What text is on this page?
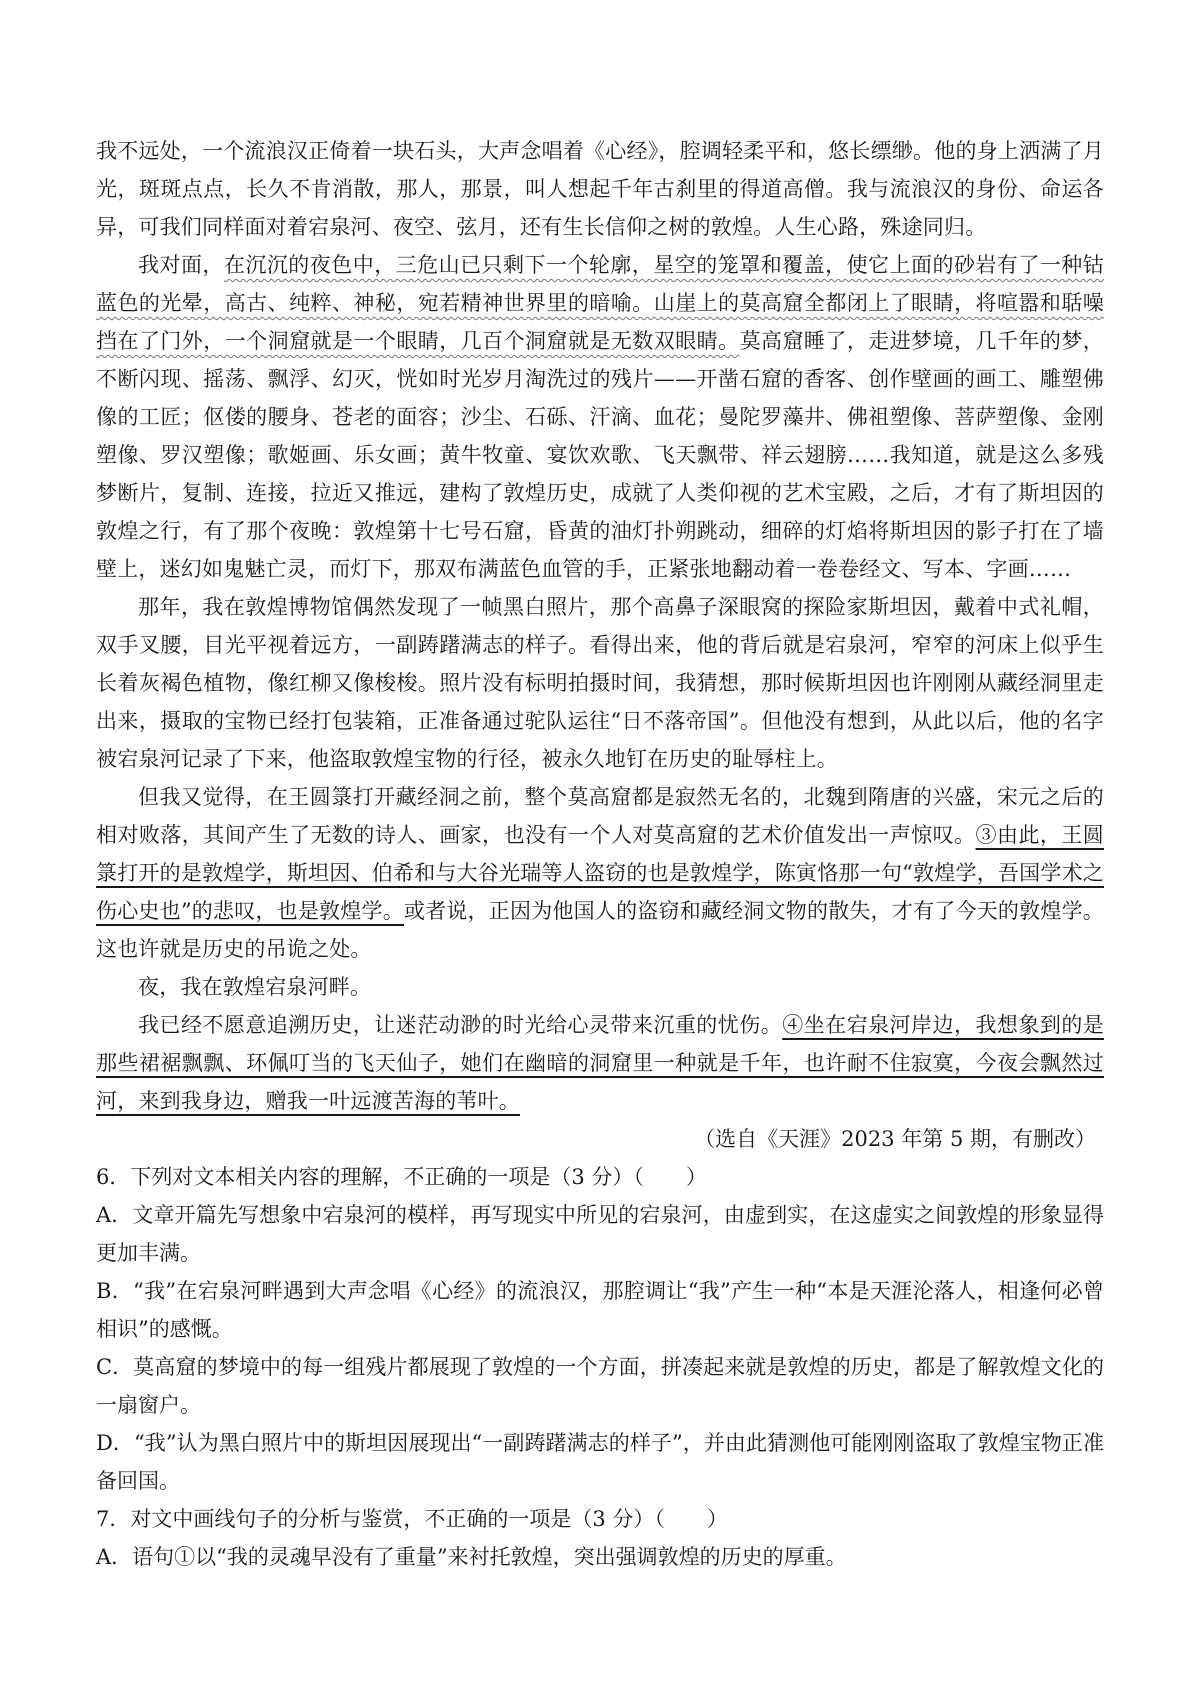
我不远处，一个流浪汉正倚着一块石头，大声念唱着《心经》，腔调轻柔平和，悠长缥缈。他的身上洒满了月光，斑斑点点，长久不肯消散，那人，那景，叫人想起千年古刹里的得道高僧。我与流浪汉的身份、命运各异，可我们同样面对着宕泉河、夜空、弦月，还有生长信仰之树的敦煌。人生心路，殊途同归。

我对面，在沉沉的夜色中，三危山已只剩下一个轮廓，星空的笼罩和覆盖，使它上面的砂岩有了一种钴蓝色的光晕，高古、纯粹、神秘，宛若精神世界里的暗喻。山崖上的莫高窟全都闭上了眼睛，将喧嚣和聒噪挡在了门外，一个洞窟就是一个眼睛，几百个洞窟就是无数双眼睛。莫高窟睡了，走进梦境，几千年的梦，不断闪现、摇荡、飘浮、幻灭，恍如时光岁月淘洗过的残片——开凿石窟的香客、创作壁画的画工、雕塑佛像的工匠；伛偻的腰身、苍老的面容；沙尘、石砾、汗滴、血花；曼陀罗藻井、佛祖塑像、菩萨塑像、金刚塑像、罗汉塑像；歌姬画、乐女画；黄牛牧童、宴饮欢歌、飞天飘带、祥云翅膀……我知道，就是这么多残梦断片，复制、连接，拉近又推远，建构了敦煌历史，成就了人类仰视的艺术宝殿，之后，才有了斯坦因的敦煌之行，有了那个夜晚：敦煌第十七号石窟，昏黄的油灯扑朔跳动，细碎的灯焰将斯坦因的影子打在了墙壁上，迷幻如鬼魅亡灵，而灯下，那双布满蓝色血管的手，正紧张地翻动着一卷卷经文、写本、字画……

那年，我在敦煌博物馆偶然发现了一帧黑白照片，那个高鼻子深眼窝的探险家斯坦因，戴着中式礼帽，双手叉腰，目光平视着远方，一副踌躇满志的样子。看得出来，他的背后就是宕泉河，窄窄的河床上似乎生长着灰褐色植物，像红柳又像梭梭。照片没有标明拍摄时间，我猜想，那时候斯坦因也许刚刚从藏经洞里走出来，摄取的宝物已经打包装箱，正准备通过驼队运往“日不落帝国”。但他没有想到，从此以后，他的名字被宕泉河记录了下来，他盗取敦煌宝物的行径，被永久地钉在历史的耻辱柱上。

但我又觉得，在王圆箓打开藏经洞之前，整个莫高窟都是寂然无名的，北魏到隋唐的兴盛，宋元之后的相对败落，其间产生了无数的诗人、画家，也没有一个人对莫高窟的艺术价值发出一声惊叹。③由此，王圆箓打开的是敦煌学，斯坦因、伯希和与大谷光瑞等人盗窃的也是敦煌学，陈寅恪那一句“敦煌学，吾国学术之伤心史也”的悲叹，也是敦煌学。或者说，正因为他国人的盗窃和藏经洞文物的散失，才有了今天的敦煌学。这也许就是历史的吊诡之处。

夜，我在敦煌宕泉河畔。

我已经不愿意追溯历史，让迷茫动渺的时光给心灵带来沉重的忧伤。④坐在宕泉河岸边，我想象到的是那些裙裾飘飘、环佩叮当的飞天仙子，她们在幽暗的洞窟里一种就是千年，也许耐不住寂寞，今夜会飘然过河，来到我身边，赠我一叶远渡苦海的苇叶。

（选自《天涯》2023 年第 5 期，有删改）

6．下列对文本相关内容的理解，不正确的一项是（3 分）（　　）

A．文章开篇先写想象中宕泉河的模样，再写现实中所见的宕泉河，由虚到实，在这虚实之间敦煌的形象显得更加丰满。

B．“我”在宕泉河畔遇到大声念唱《心经》的流浪汉，那腔调让“我”产生一种“本是天涯沦落人，相逢何必曾相识”的感慨。

C．莫高窟的梦境中的每一组残片都展现了敦煌的一个方面，拼凑起来就是敦煌的历史，都是了解敦煌文化的一扇窗户。

D．“我”认为黑白照片中的斯坦因展现出“一副踌躇满志的样子”，并由此猜测他可能刚刚盗取了敦煌宝物正准备回国。

7．对文中画线句子的分析与鉴赏，不正确的一项是（3 分）（　　）

A．语句①以“我的灵魂早没有了重量”来衬托敦煌，突出强调敦煌的历史的厚重。
